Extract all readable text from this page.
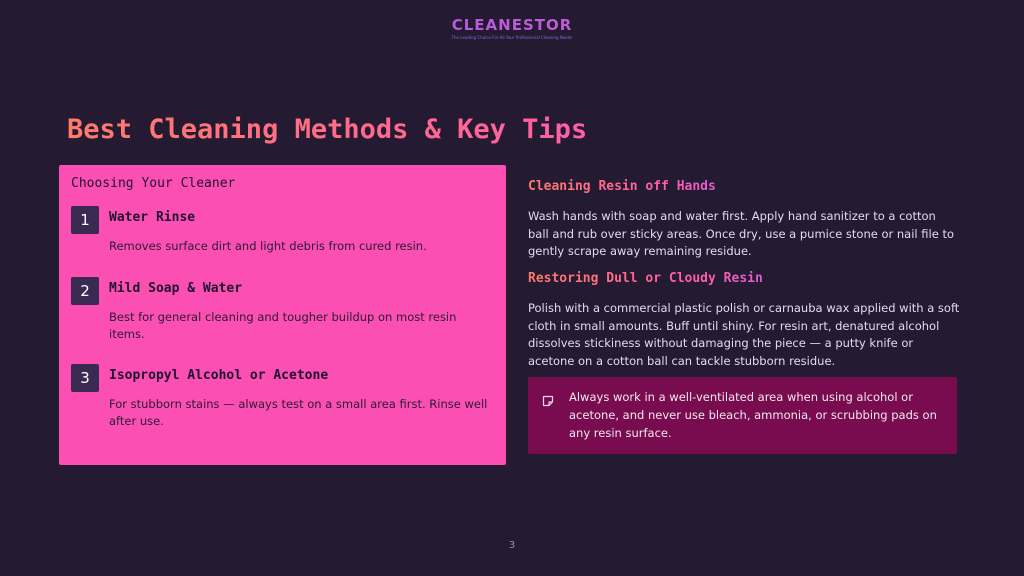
CLEANESTOR
The Leading Choice For All Your Professional Cleaning Needs
Best Cleaning Methods & Key Tips
Choosing Your Cleaner
1	Water Rinse
Removes surface dirt and light debris from cured resin.
2	Mild Soap & Water
Best for general cleaning and tougher buildup on most resin items.
3	Isopropyl Alcohol or Acetone
For stubborn stains — always test on a small area first. Rinse well after use.
Cleaning Resin off Hands
Wash hands with soap and water first. Apply hand sanitizer to a cotton ball and rub over sticky areas. Once dry, use a pumice stone or nail file to gently scrape away remaining residue.
Restoring Dull or Cloudy Resin
Polish with a commercial plastic polish or carnauba wax applied with a soft cloth in small amounts. Buff until shiny. For resin art, denatured alcohol dissolves stickiness without damaging the piece — a putty knife or acetone on a cotton ball can tackle stubborn residue.
Always work in a well-ventilated area when using alcohol or acetone, and never use bleach, ammonia, or scrubbing pads on any resin surface.
3
